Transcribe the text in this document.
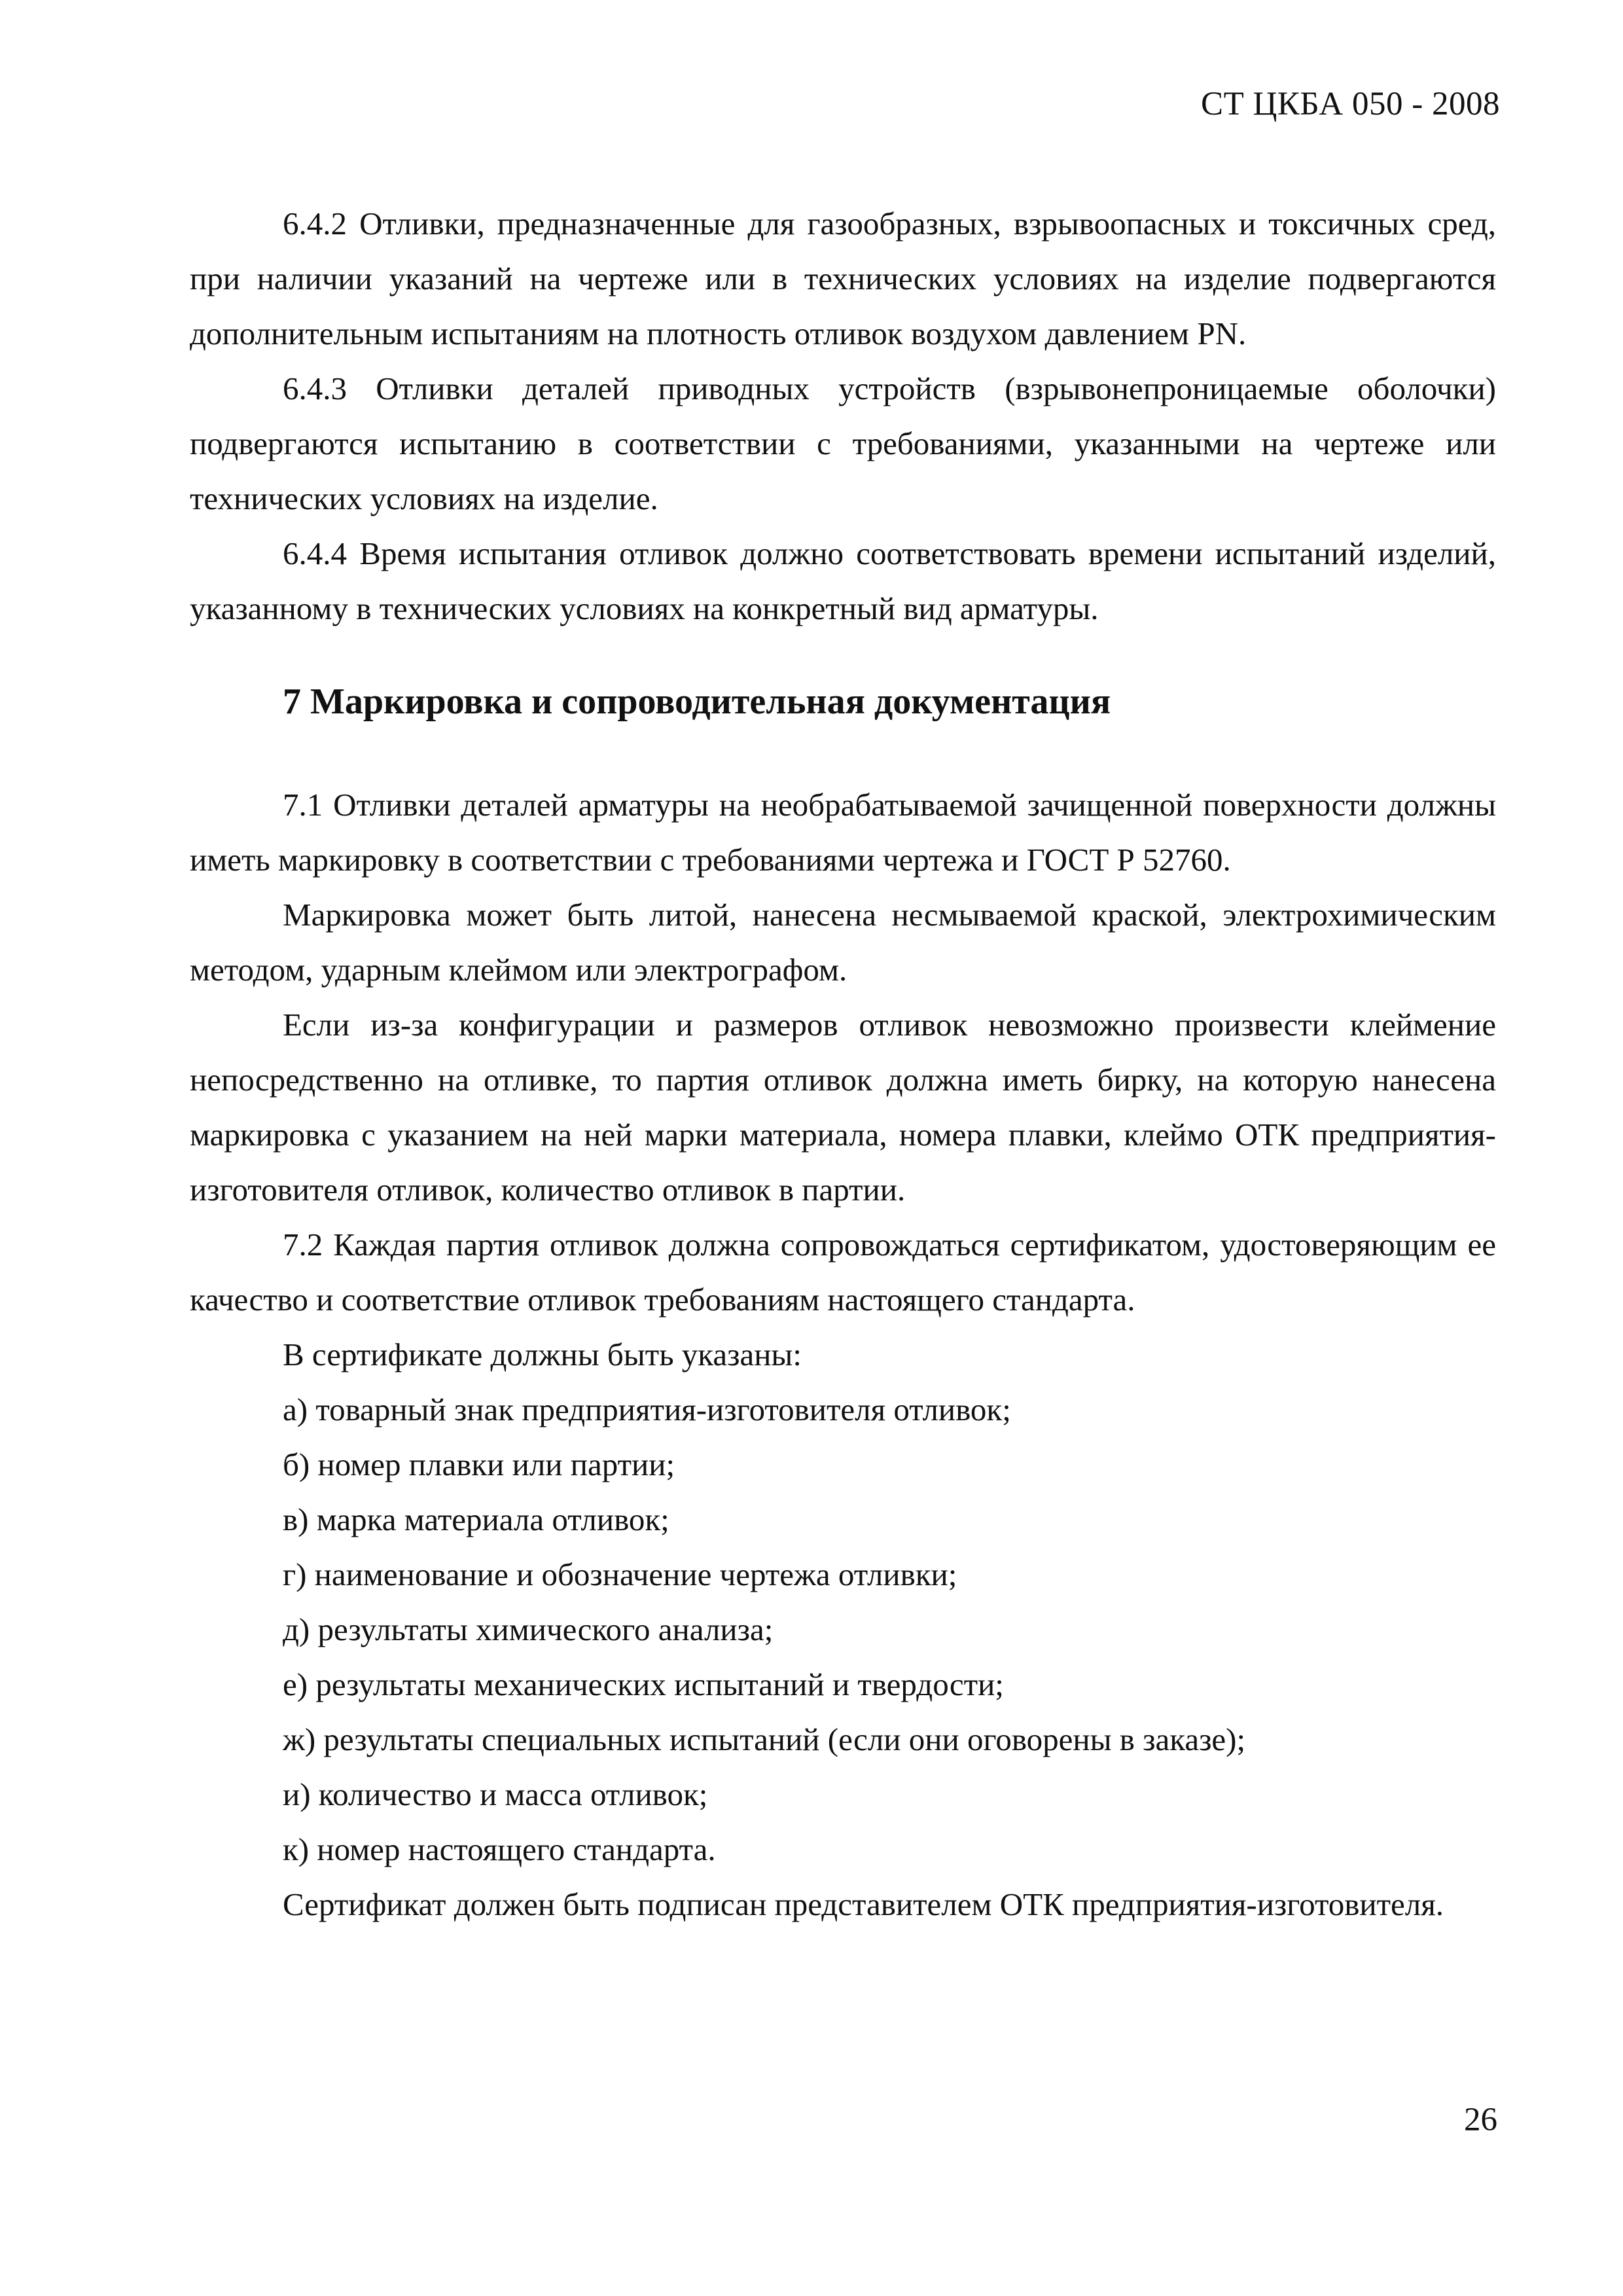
СТ ЦКБА 050 - 2008

6.4.2 Отливки, предназначенные для газообразных, взрывоопасных и токсичных сред, при наличии указаний на чертеже или в технических условиях на изделие подвергаются дополнительным испытаниям на плотность отливок воздухом давлением PN.

6.4.3 Отливки деталей приводных устройств (взрывонепроницаемые оболочки) подвергаются испытанию в соответствии с требованиями, указанными на чертеже или технических условиях на изделие.

6.4.4 Время испытания отливок должно соответствовать времени испытаний изделий, указанному в технических условиях на конкретный вид арматуры.

7 Маркировка и сопроводительная документация

7.1 Отливки деталей арматуры на необрабатываемой зачищенной поверхности должны иметь маркировку в соответствии с требованиями чертежа и ГОСТ Р 52760.

Маркировка может быть литой, нанесена несмываемой краской, электрохимическим методом, ударным клеймом или электрографом.

Если из-за конфигурации и размеров отливок невозможно произвести клеймение непосредственно на отливке, то партия отливок должна иметь бирку, на которую нанесена маркировка с указанием на ней марки материала, номера плавки, клеймо ОТК предприятия-изготовителя отливок, количество отливок в партии.

7.2 Каждая партия отливок должна сопровождаться сертификатом, удостоверяющим ее качество и соответствие отливок требованиям настоящего стандарта.

В сертификате должны быть указаны:

а) товарный знак предприятия-изготовителя отливок;
б) номер плавки или партии;
в) марка материала отливок;
г) наименование и обозначение чертежа отливки;
д) результаты химического анализа;
е) результаты механических испытаний и твердости;
ж) результаты специальных испытаний (если они оговорены в заказе);
и) количество и масса отливок;
к) номер настоящего стандарта.

Сертификат должен быть подписан представителем ОТК предприятия-изготовителя.

26
